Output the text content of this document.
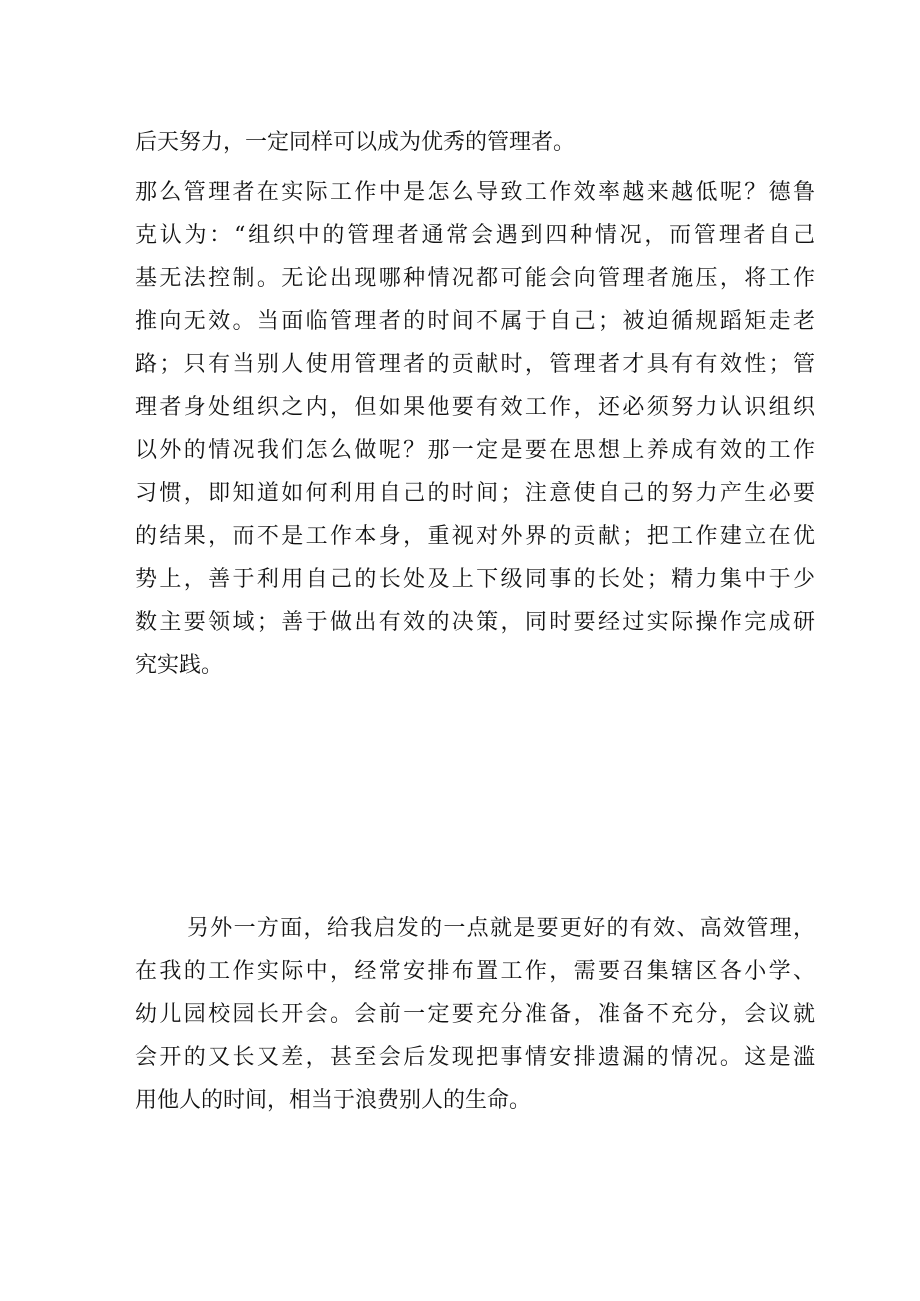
后天努力，一定同样可以成为优秀的管理者。

那么管理者在实际工作中是怎么导致工作效率越来越低呢？德鲁

克认为：“组织中的管理者通常会遇到四种情况，而管理者自己

基无法控制。无论出现哪种情况都可能会向管理者施压，将工作

推向无效。当面临管理者的时间不属于自己；被迫循规蹈矩走老

路；只有当别人使用管理者的贡献时，管理者才具有有效性；管

理者身处组织之内，但如果他要有效工作，还必须努力认识组织

以外的情况我们怎么做呢？那一定是要在思想上养成有效的工作

习惯，即知道如何利用自己的时间；注意使自己的努力产生必要

的结果，而不是工作本身，重视对外界的贡献；把工作建立在优

势上，善于利用自己的长处及上下级同事的长处；精力集中于少

数主要领域；善于做出有效的决策，同时要经过实际操作完成研

究实践。

另外一方面，给我启发的一点就是要更好的有效、高效管理，

在我的工作实际中，经常安排布置工作，需要召集辖区各小学、

幼儿园校园长开会。会前一定要充分准备，准备不充分，会议就

会开的又长又差，甚至会后发现把事情安排遗漏的情况。这是滥

用他人的时间，相当于浪费别人的生命。
